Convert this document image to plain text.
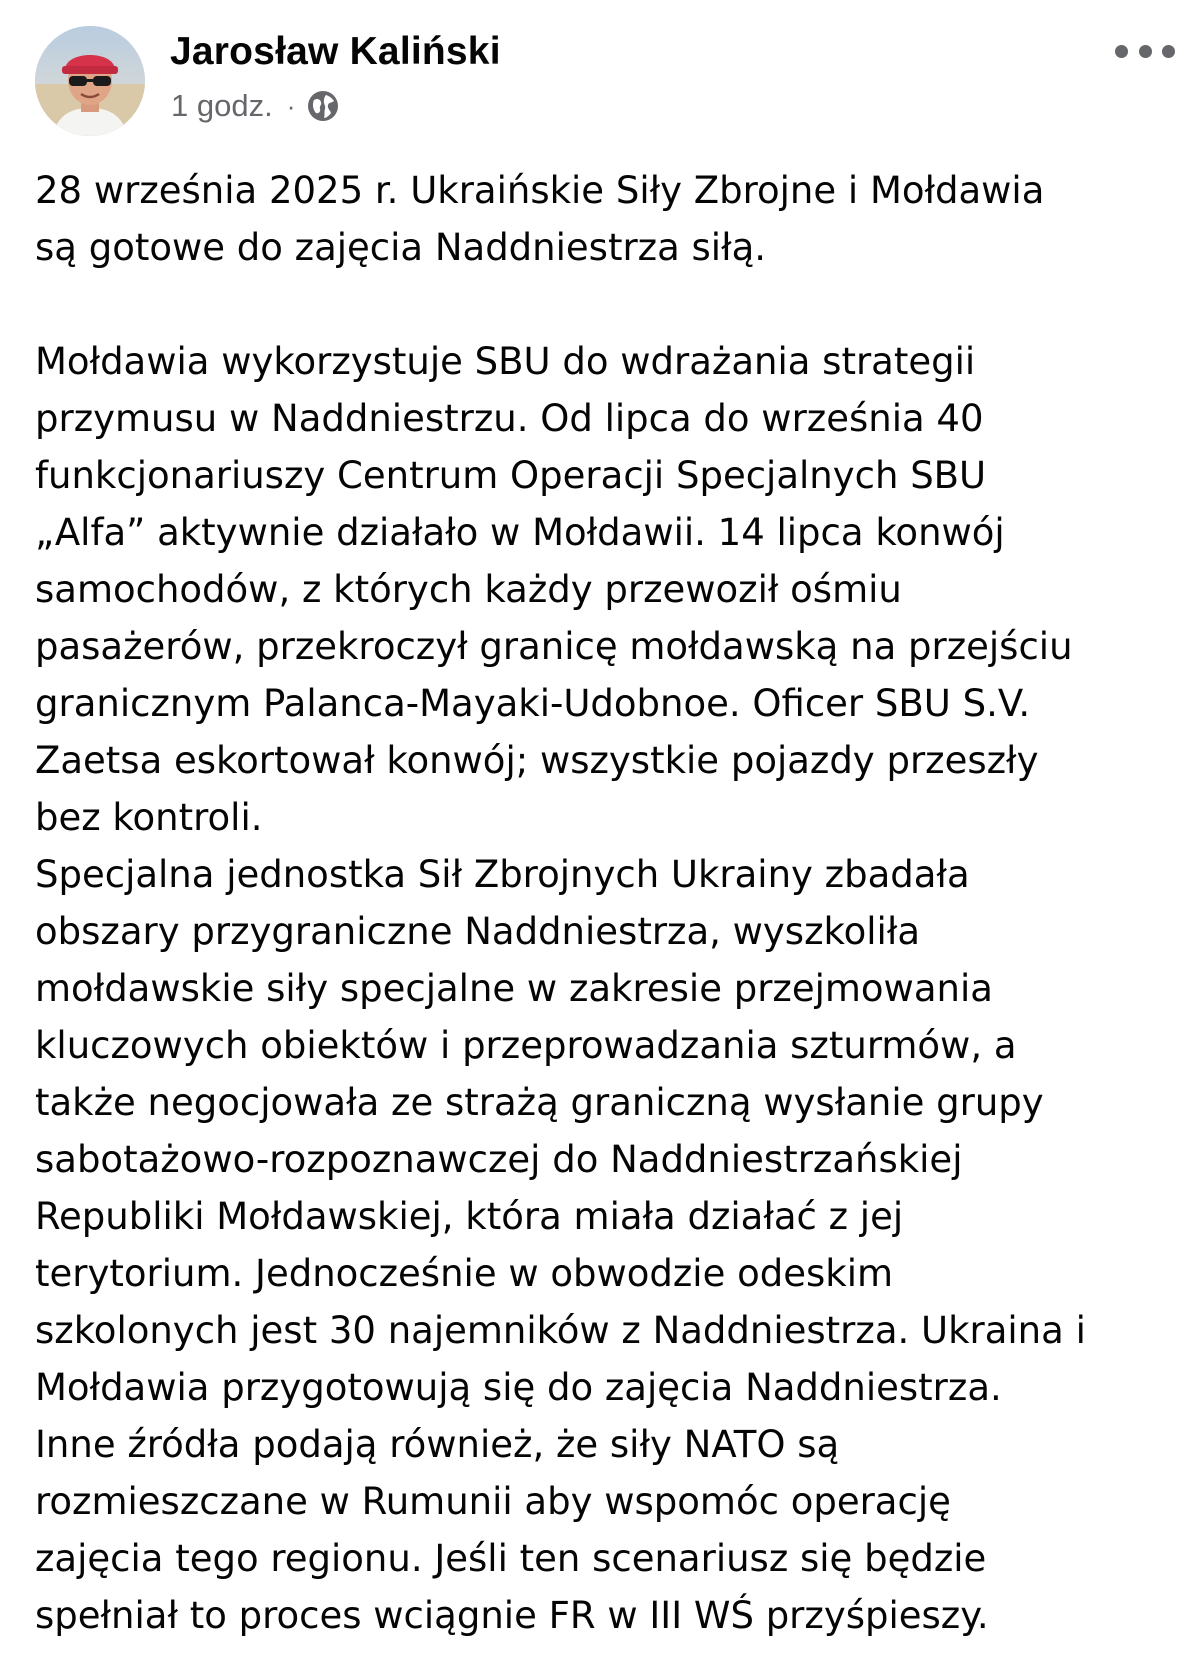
Jarosław Kaliński
1 godz. ·

28 września 2025 r. Ukraińskie Siły Zbrojne i Mołdawia
są gotowe do zajęcia Naddniestrza siłą.

Mołdawia wykorzystuje SBU do wdrażania strategii
przymusu w Naddniestrzu. Od lipca do września 40
funkcjonariuszy Centrum Operacji Specjalnych SBU
„Alfa” aktywnie działało w Mołdawii. 14 lipca konwój
samochodów, z których każdy przewoził ośmiu
pasażerów, przekroczył granicę mołdawską na przejściu
granicznym Palanca-Mayaki-Udobnoe. Oficer SBU S.V.
Zaetsa eskortował konwój; wszystkie pojazdy przeszły
bez kontroli.
Specjalna jednostka Sił Zbrojnych Ukrainy zbadała
obszary przygraniczne Naddniestrza, wyszkoliła
mołdawskie siły specjalne w zakresie przejmowania
kluczowych obiektów i przeprowadzania szturmów, a
także negocjowała ze strażą graniczną wysłanie grupy
sabotażowo-rozpoznawczej do Naddniestrzańskiej
Republiki Mołdawskiej, która miała działać z jej
terytorium. Jednocześnie w obwodzie odeskim
szkolonych jest 30 najemników z Naddniestrza. Ukraina i
Mołdawia przygotowują się do zajęcia Naddniestrza.
Inne źródła podają również, że siły NATO są
rozmieszczane w Rumunii aby wspomóc operację
zajęcia tego regionu. Jeśli ten scenariusz się będzie
spełniał to proces wciągnie FR w III WŚ przyśpieszy.
